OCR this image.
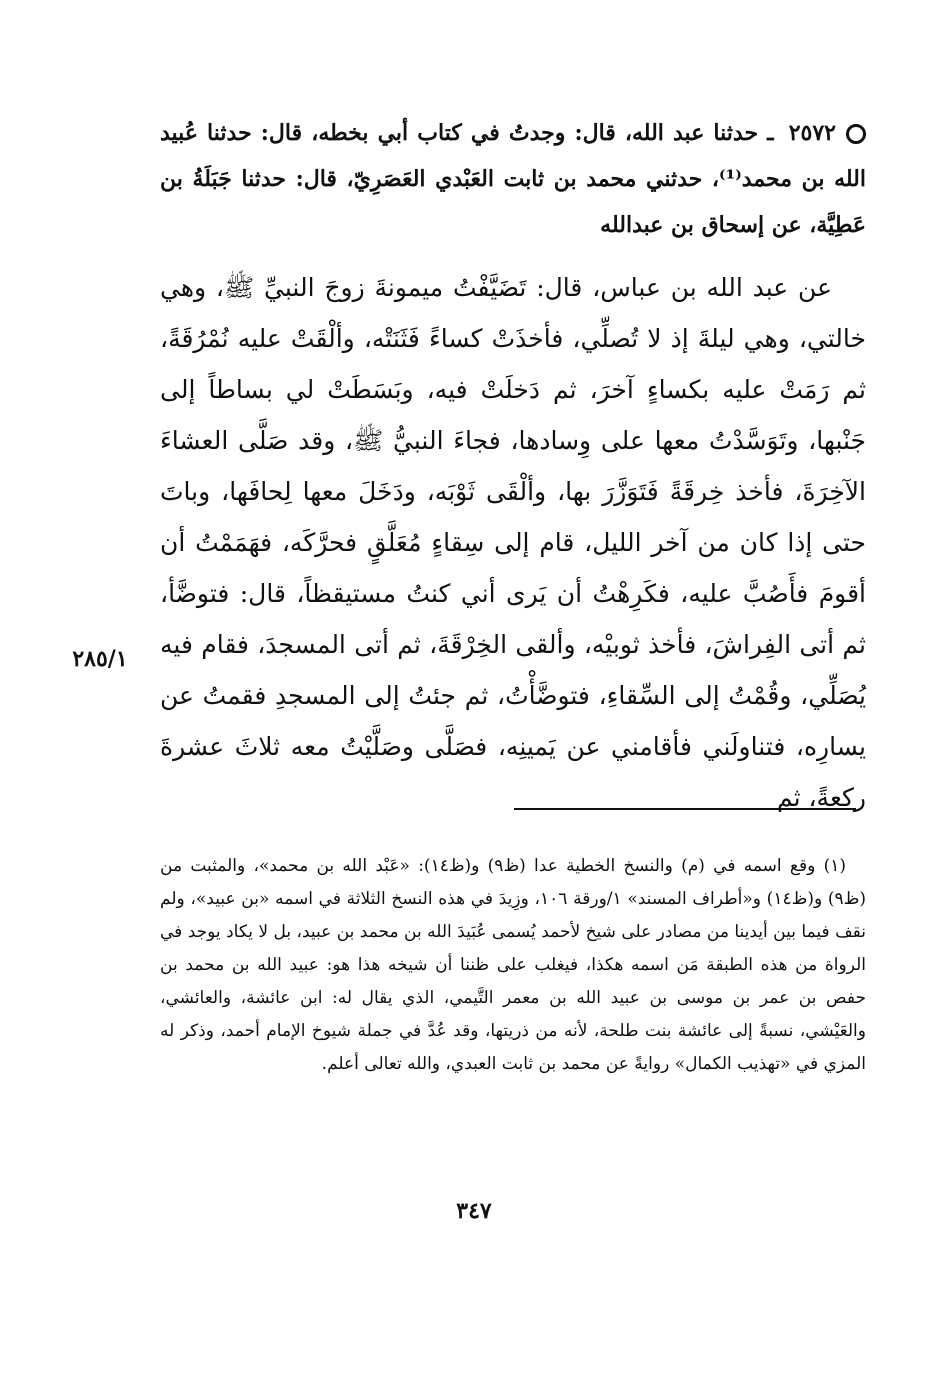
٢٥٧٢ ـ حدثنا عبد الله، قال: وجدتُ في كتاب أبي بخطه، قال: حدثنا عُبيد الله بن محمد⁽¹⁾، حدثني محمد بن ثابت العَبْدي العَصَرِيّ، قال: حدثنا جَبَلَةُ بن عَطِيَّة، عن إسحاق بن عبدالله

عن عبد الله بن عباس، قال: تَضَيَّفْتُ ميمونةَ زوجَ النبيِّ ﷺ، وهي خالتي، وهي ليلةَ إذ لا تُصلِّي، فأخذَتْ كساءً فَثَنَتْه، وألْقَتْ عليه نُمْرُقَةً، ثم رَمَتْ عليه بكساءٍ آخرَ، ثم دَخلَتْ فيه، وبَسَطَتْ لي بساطاً إلى جَنْبها، وتَوَسَّدْتُ معها على وِسادها، فجاءَ النبيُّ ﷺ، وقد صَلَّى العشاءَ الآخِرَةَ، فأخذ خِرقَةً فَتَوَزَّرَ بها، وألْقَى ثَوْبَه، ودَخَلَ معها لِحافَها، وباتَ حتى إذا كان من آخر الليل، قام إلى سِقاءٍ مُعَلَّقٍ فحرَّكَه، فهَمَمْتُ أن أقومَ فأَصُبَّ عليه، فكَرِهْتُ أن يَرى أني كنتُ مستيقظاً، قال: فتوضَّأ، ثم أتى الفِراشَ، فأخذ ثوبيْه، وألقى الخِرْقَةَ، ثم أتى المسجدَ، فقام فيه يُصَلِّي، وقُمْتُ إلى السِّقاءِ، فتوضَّأْتُ، ثم جئتُ إلى المسجدِ فقمتُ عن يسارِه، فتناولَني فأقامني عن يَمينِه، فصَلَّى وصَلَّيْتُ معه ثلاثَ عشرةَ ركعةً، ثم

٢٨٥/١

(١) وقع اسمه في (م) والنسخ الخطية عدا (ظ٩) و(ظ١٤): «عَبْد الله بن محمد»، والمثبت من (ظ٩) و(ظ١٤) و«أطراف المسند» ١/ورقة ١٠٦، وزِيدَ في هذه النسخ الثلاثة في اسمه «بن عبيد»، ولم نقف فيما بين أيدينا من مصادر على شيخ لأحمد يُسمى عُبَيدَ الله بن محمد بن عبيد، بل لا يكاد يوجد في الرواة من هذه الطبقة مَن اسمه هكذا، فيغلب على ظننا أن شيخه هذا هو: عبيد الله بن محمد بن حفص بن عمر بن موسى بن عبيد الله بن معمر التَّيمي، الذي يقال له: ابن عائشة، والعائشي، والعَيْشي، نسبةً إلى عائشة بنت طلحة، لأنه من ذريتها، وقد عُدَّ في جملة شيوخ الإمام أحمد، وذكر له المزي في «تهذيب الكمال» روايةً عن محمد بن ثابت العبدي، والله تعالى أعلم.

٣٤٧
